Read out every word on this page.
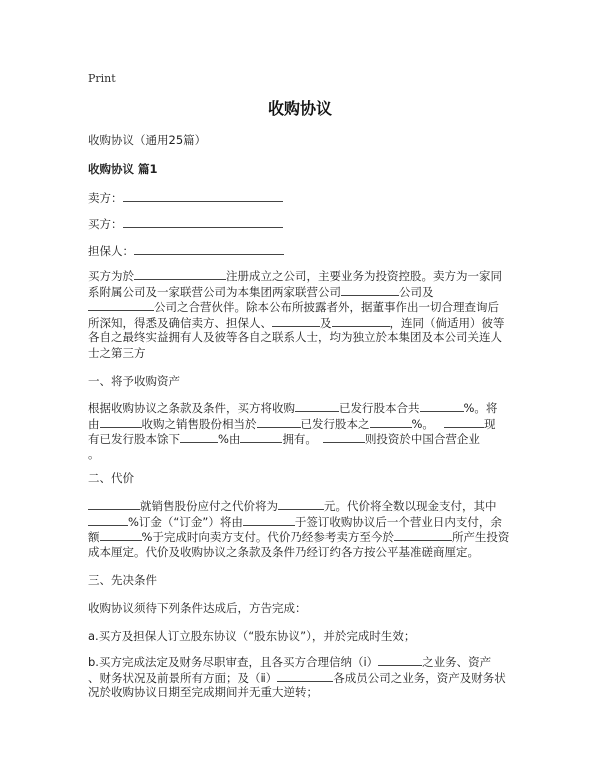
Print
收购协议
收购协议（通用25篇）
收购协议 篇1
卖方：
买方：
担保人：
买方为於	注册成立之公司，主要业务为投资控股。卖方为一家同
系附属公司及一家联营公司为本集团两家联营公司	公司及
公司之合营伙伴。除本公布所披露者外，据董事作出一切合理查询后
所深知，得悉及确信卖方、担保人、	及	，连同（倘适用）彼等
各自之最终实益拥有人及彼等各自之联系人士，均为独立於本集团及本公司关连人
士之第三方
一、将予收购资产
根据收购协议之条款及条件，买方将收购	已发行股本合共	%。将
由	收购之销售股份相当於	已发行股本之	%。	现
有已发行股本馀下	%由	拥有。	则投资於中国合营企业
。
二、代价
就销售股份应付之代价将为	元。代价将全数以现金支付，其中
%订金（“订金”）将由	于签订收购协议后一个营业日内支付，余
额	%于完成时向卖方支付。代价乃经参考卖方至今於	所产生投资
成本厘定。代价及收购协议之条款及条件乃经订约各方按公平基准磋商厘定。
三、先决条件
收购协议须待下列条件达成后，方告完成：
a.买方及担保人订立股东协议（“股东协议”），并於完成时生效；
b.买方完成法定及财务尽职审查，且各买方合理信纳（ⅰ）	之业务、资产
、财务状况及前景所有方面；及（ⅱ）	各成员公司之业务，资产及财务状
况於收购协议日期至完成期间并无重大逆转；
